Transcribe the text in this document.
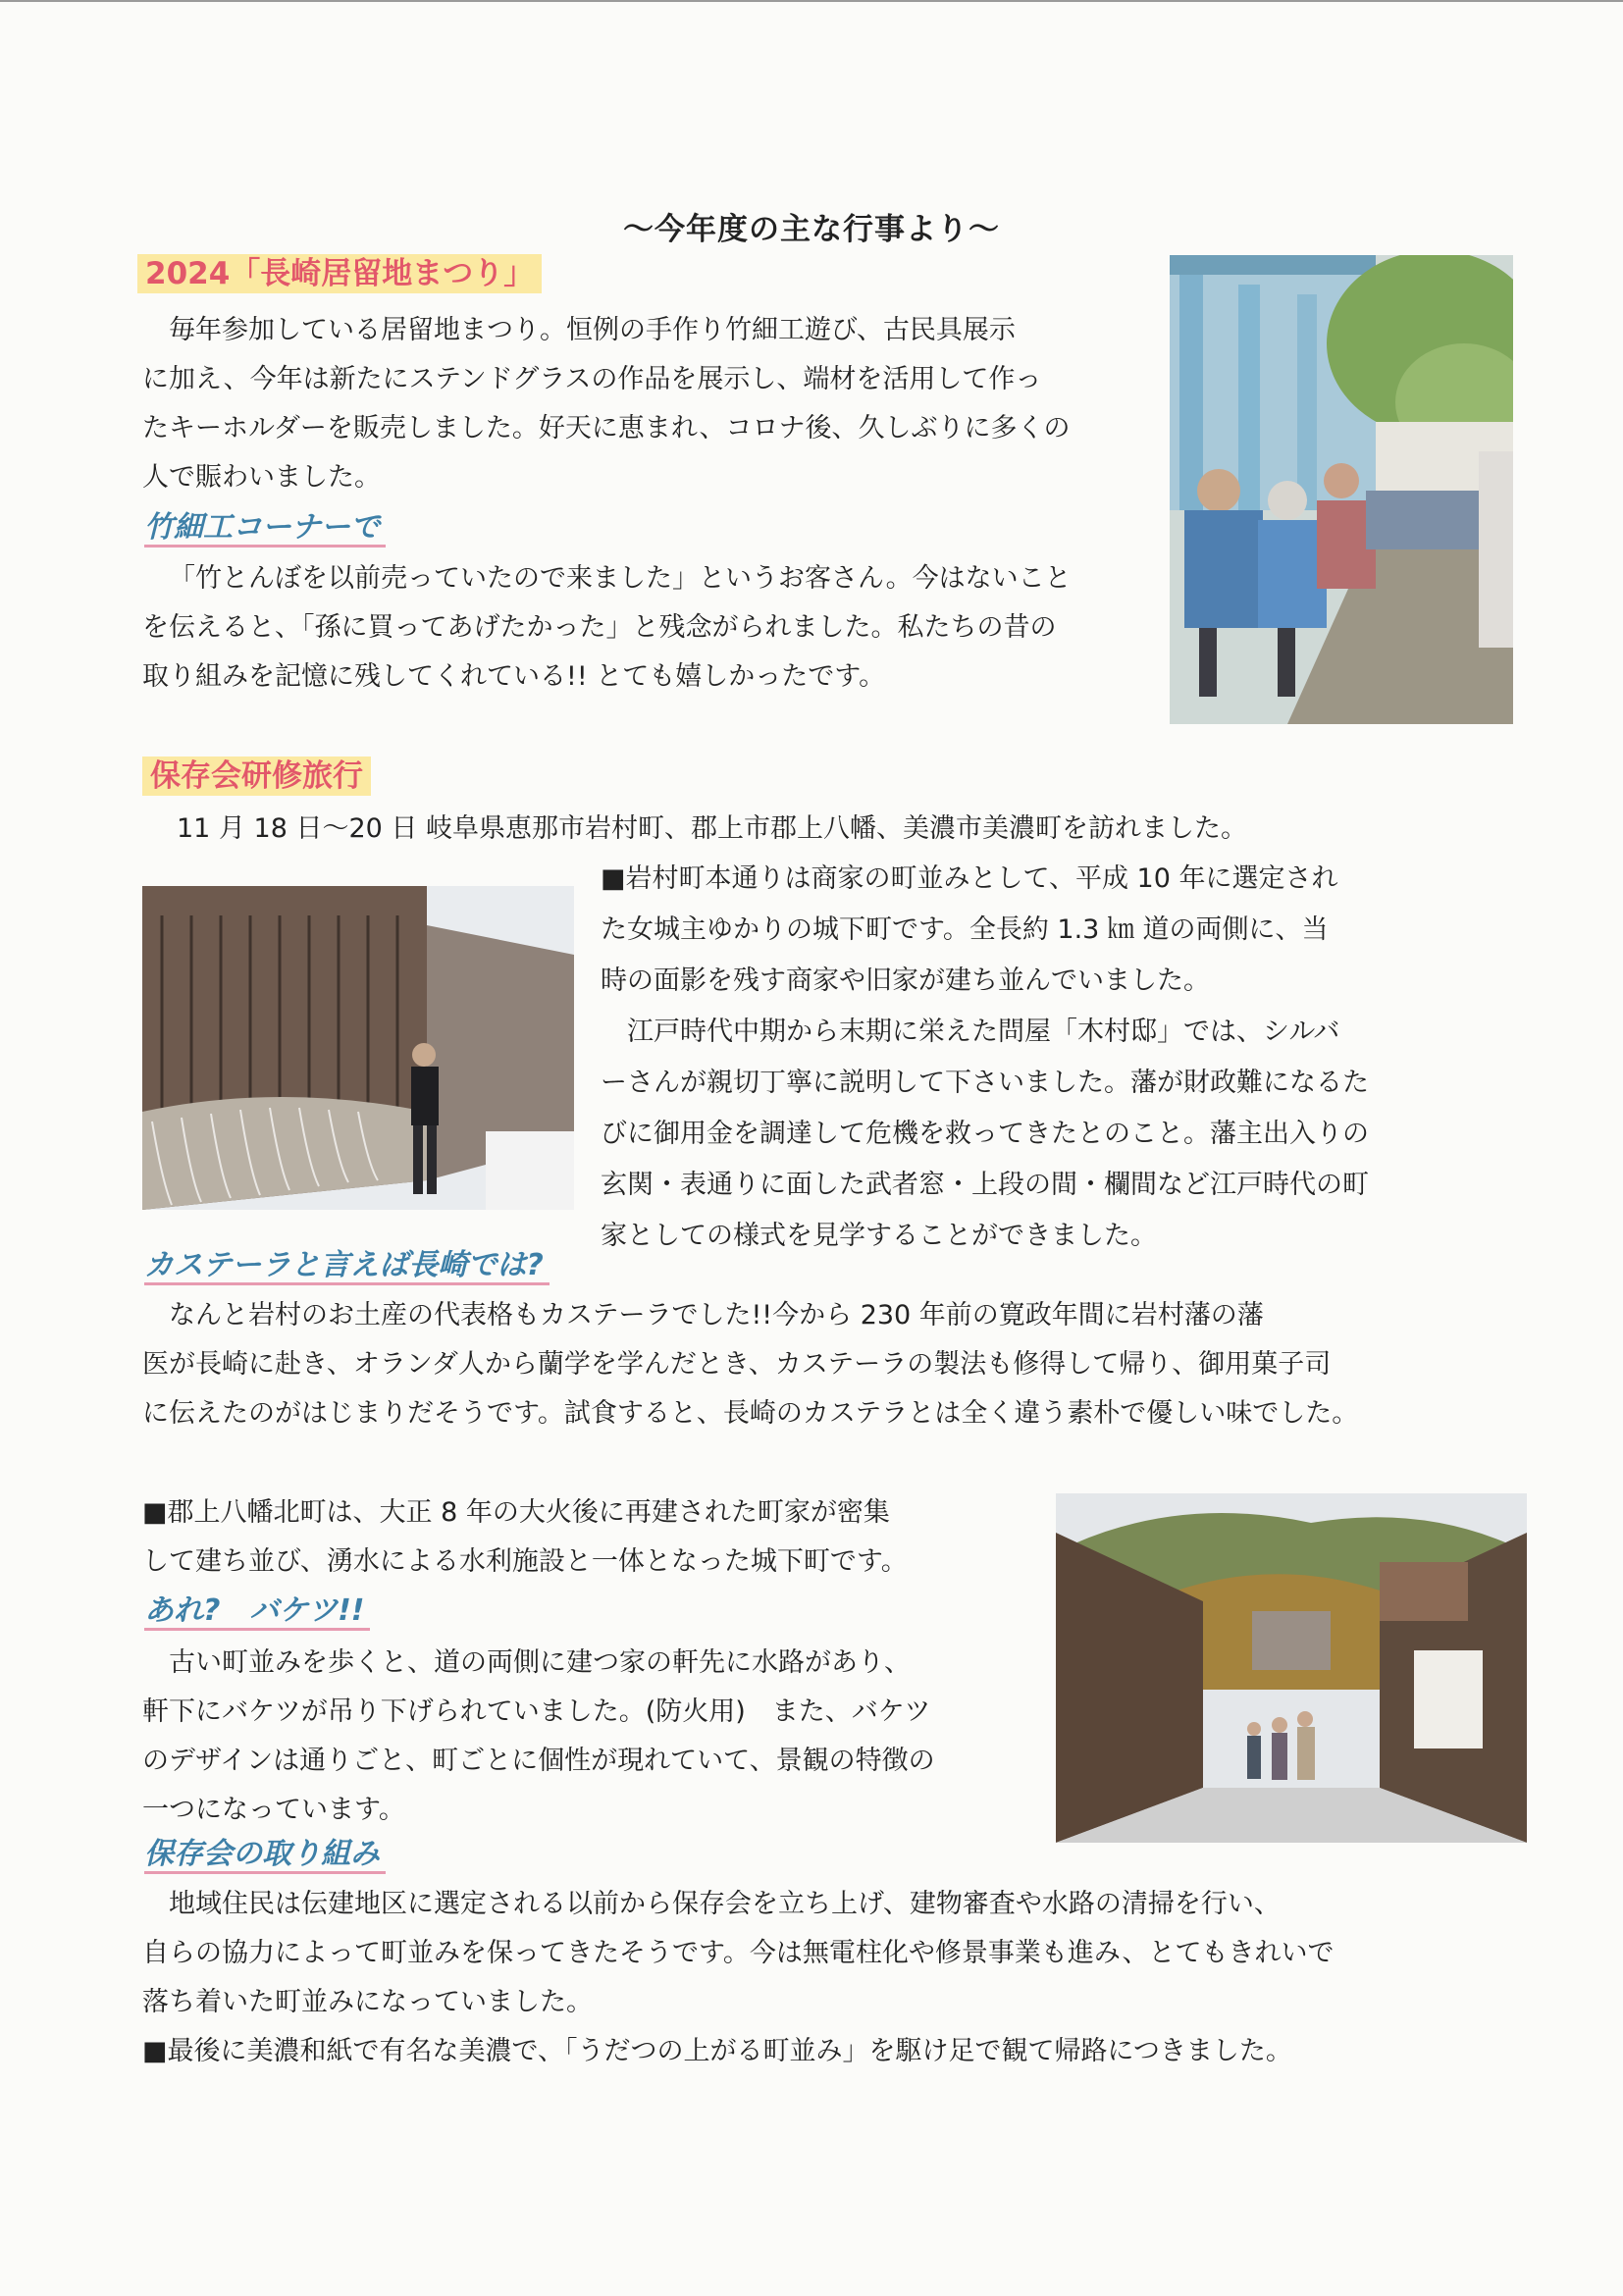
～今年度の主な行事より～
2024「長崎居留地まつり」

毎年参加している居留地まつり。恒例の手作り竹細工遊び、古民具展示

に加え、今年は新たにステンドグラスの作品を展示し、端材を活用して作っ

たキーホルダーを販売しました。好天に恵まれ、コロナ後、久しぶりに多くの

人で賑わいました。

竹細工コーナーで

「竹とんぼを以前売っていたので来ました」というお客さん。今はないこと

を伝えると、「孫に買ってあげたかった」と残念がられました。私たちの昔の

取り組みを記憶に残してくれている!! とても嬉しかったです。

保存会研修旅行

11 月 18 日～20 日 岐阜県恵那市岩村町、郡上市郡上八幡、美濃市美濃町を訪れました。

■岩村町本通りは商家の町並みとして、平成 10 年に選定され

た女城主ゆかりの城下町です。全長約 1.3 ㎞ 道の両側に、当

時の面影を残す商家や旧家が建ち並んでいました。

江戸時代中期から末期に栄えた問屋「木村邸」では、シルバ

ーさんが親切丁寧に説明して下さいました。藩が財政難になるた

びに御用金を調達して危機を救ってきたとのこと。藩主出入りの

玄関・表通りに面した武者窓・上段の間・欄間など江戸時代の町

家としての様式を見学することができました。

カステーラと言えば長崎では?

なんと岩村のお土産の代表格もカステーラでした!!今から 230 年前の寛政年間に岩村藩の藩

医が長崎に赴き、オランダ人から蘭学を学んだとき、カステーラの製法も修得して帰り、御用菓子司

に伝えたのがはじまりだそうです。試食すると、長崎のカステラとは全く違う素朴で優しい味でした。

■郡上八幡北町は、大正 8 年の大火後に再建された町家が密集

して建ち並び、湧水による水利施設と一体となった城下町です。

あれ?　バケツ!!

古い町並みを歩くと、道の両側に建つ家の軒先に水路があり、

軒下にバケツが吊り下げられていました。(防火用)　また、バケツ

のデザインは通りごと、町ごとに個性が現れていて、景観の特徴の

一つになっています。

保存会の取り組み

地域住民は伝建地区に選定される以前から保存会を立ち上げ、建物審査や水路の清掃を行い、

自らの協力によって町並みを保ってきたそうです。今は無電柱化や修景事業も進み、とてもきれいで

落ち着いた町並みになっていました。

■最後に美濃和紙で有名な美濃で、「うだつの上がる町並み」を駆け足で観て帰路につきました。
